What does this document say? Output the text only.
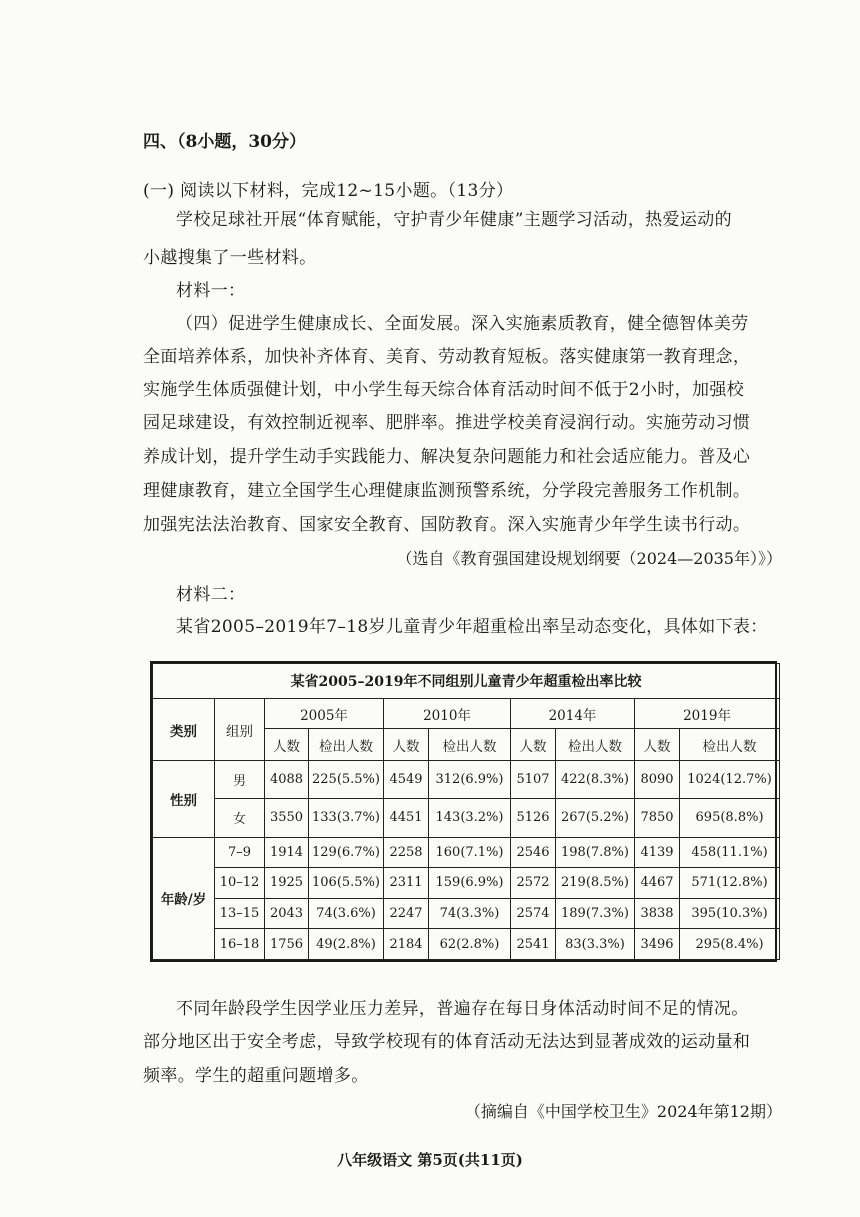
四、（8小题，30分）
(一) 阅读以下材料，完成12~15小题。（13分）
学校足球社开展“体育赋能，守护青少年健康”主题学习活动，热爱运动的
小越搜集了一些材料。
材料一：
（四）促进学生健康成长、全面发展。深入实施素质教育，健全德智体美劳
全面培养体系，加快补齐体育、美育、劳动教育短板。落实健康第一教育理念，
实施学生体质强健计划，中小学生每天综合体育活动时间不低于2小时，加强校
园足球建设，有效控制近视率、肥胖率。推进学校美育浸润行动。实施劳动习惯
养成计划，提升学生动手实践能力、解决复杂问题能力和社会适应能力。普及心
理健康教育，建立全国学生心理健康监测预警系统，分学段完善服务工作机制。
加强宪法法治教育、国家安全教育、国防教育。深入实施青少年学生读书行动。
（选自《教育强国建设规划纲要（2024—2035年）》）
材料二：
某省2005–2019年7–18岁儿童青少年超重检出率呈动态变化，具体如下表：
某省2005–2019年不同组别儿童青少年超重检出率比较									
类别	组别	2005年		2010年		2014年		2019年	
		人数	检出人数	人数	检出人数	人数	检出人数	人数	检出人数
性别	男	4088	225(5.5%)	4549	312(6.9%)	5107	422(8.3%)	8090	1024(12.7%)
	女	3550	133(3.7%)	4451	143(3.2%)	5126	267(5.2%)	7850	695(8.8%)
年龄/岁	7–9	1914	129(6.7%)	2258	160(7.1%)	2546	198(7.8%)	4139	458(11.1%)
	10–12	1925	106(5.5%)	2311	159(6.9%)	2572	219(8.5%)	4467	571(12.8%)
	13–15	2043	74(3.6%)	2247	74(3.3%)	2574	189(7.3%)	3838	395(10.3%)
	16–18	1756	49(2.8%)	2184	62(2.8%)	2541	83(3.3%)	3496	295(8.4%)
不同年龄段学生因学业压力差异，普遍存在每日身体活动时间不足的情况。
部分地区出于安全考虑，导致学校现有的体育活动无法达到显著成效的运动量和
频率。学生的超重问题增多。
（摘编自《中国学校卫生》2024年第12期）
八年级语文 第5页(共11页)
